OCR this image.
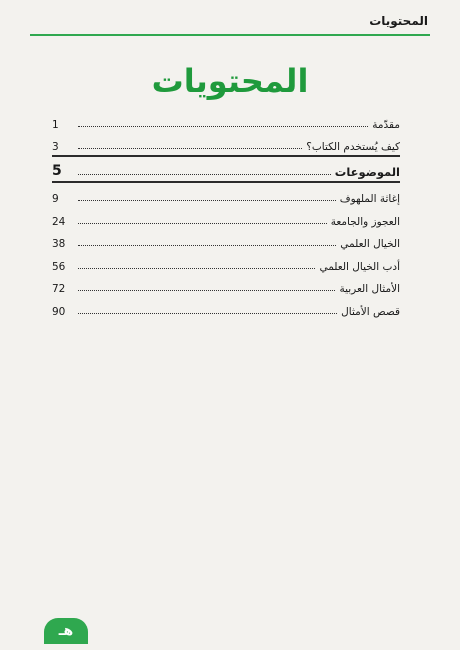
المحتويات
المحتويات
مقدّمة
1
كيف يُستخدم الكتاب؟
3
الموضوعات
5
إغاثة الملهوف
9
العجوز والجامعة
24
الخيال العلمي
38
أدب الخيال العلمي
56
الأمثال العربية
72
قصص الأمثال
90
هـ
